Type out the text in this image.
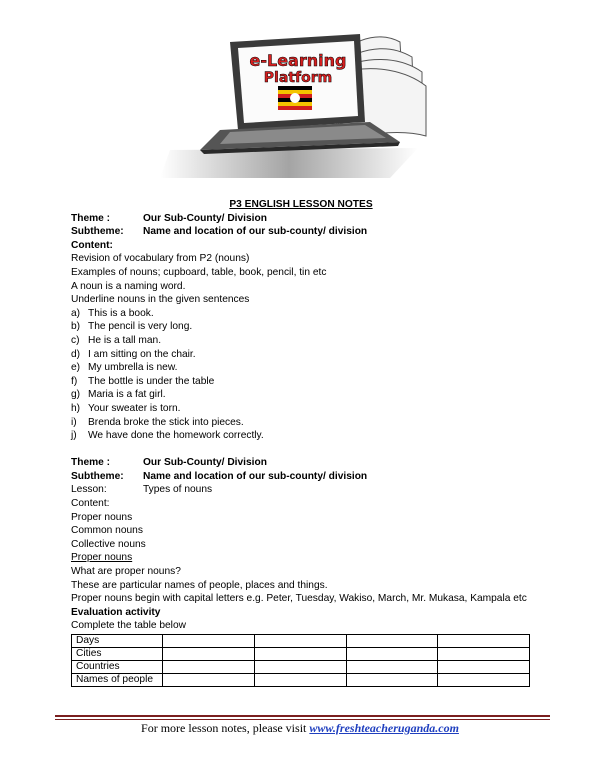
e-Learning
Platform
P3 ENGLISH LESSON NOTES
Theme :	Our Sub-County/ Division
Subtheme:	Name and location of our sub-county/ division
Content:
Revision of vocabulary from P2 (nouns)
Examples of nouns; cupboard, table, book, pencil, tin etc
A noun is a naming word.
Underline nouns in the given sentences
a) This is a book.
b) The pencil is very long.
c) He is a tall man.
d) I am sitting on the chair.
e) My umbrella is new.
f)	The bottle is under the table
g) Maria is a fat girl.
h) Your sweater is torn.
i)	Brenda broke the stick into pieces.
j)	We have done the homework correctly.
Theme :	Our Sub-County/ Division
Subtheme:	Name and location of our sub-county/ division
Lesson:	Types of nouns
Content:
Proper nouns
Common nouns
Collective nouns
Proper nouns
What are proper nouns?
These are particular names of people, places and things.
Proper nouns begin with capital letters e.g. Peter, Tuesday, Wakiso, March, Mr. Mukasa, Kampala etc
Evaluation activity
Complete the table below
Days				
Cities				
Countries				
Names of people				
For more lesson notes, please visit www.freshteacheruganda.com
